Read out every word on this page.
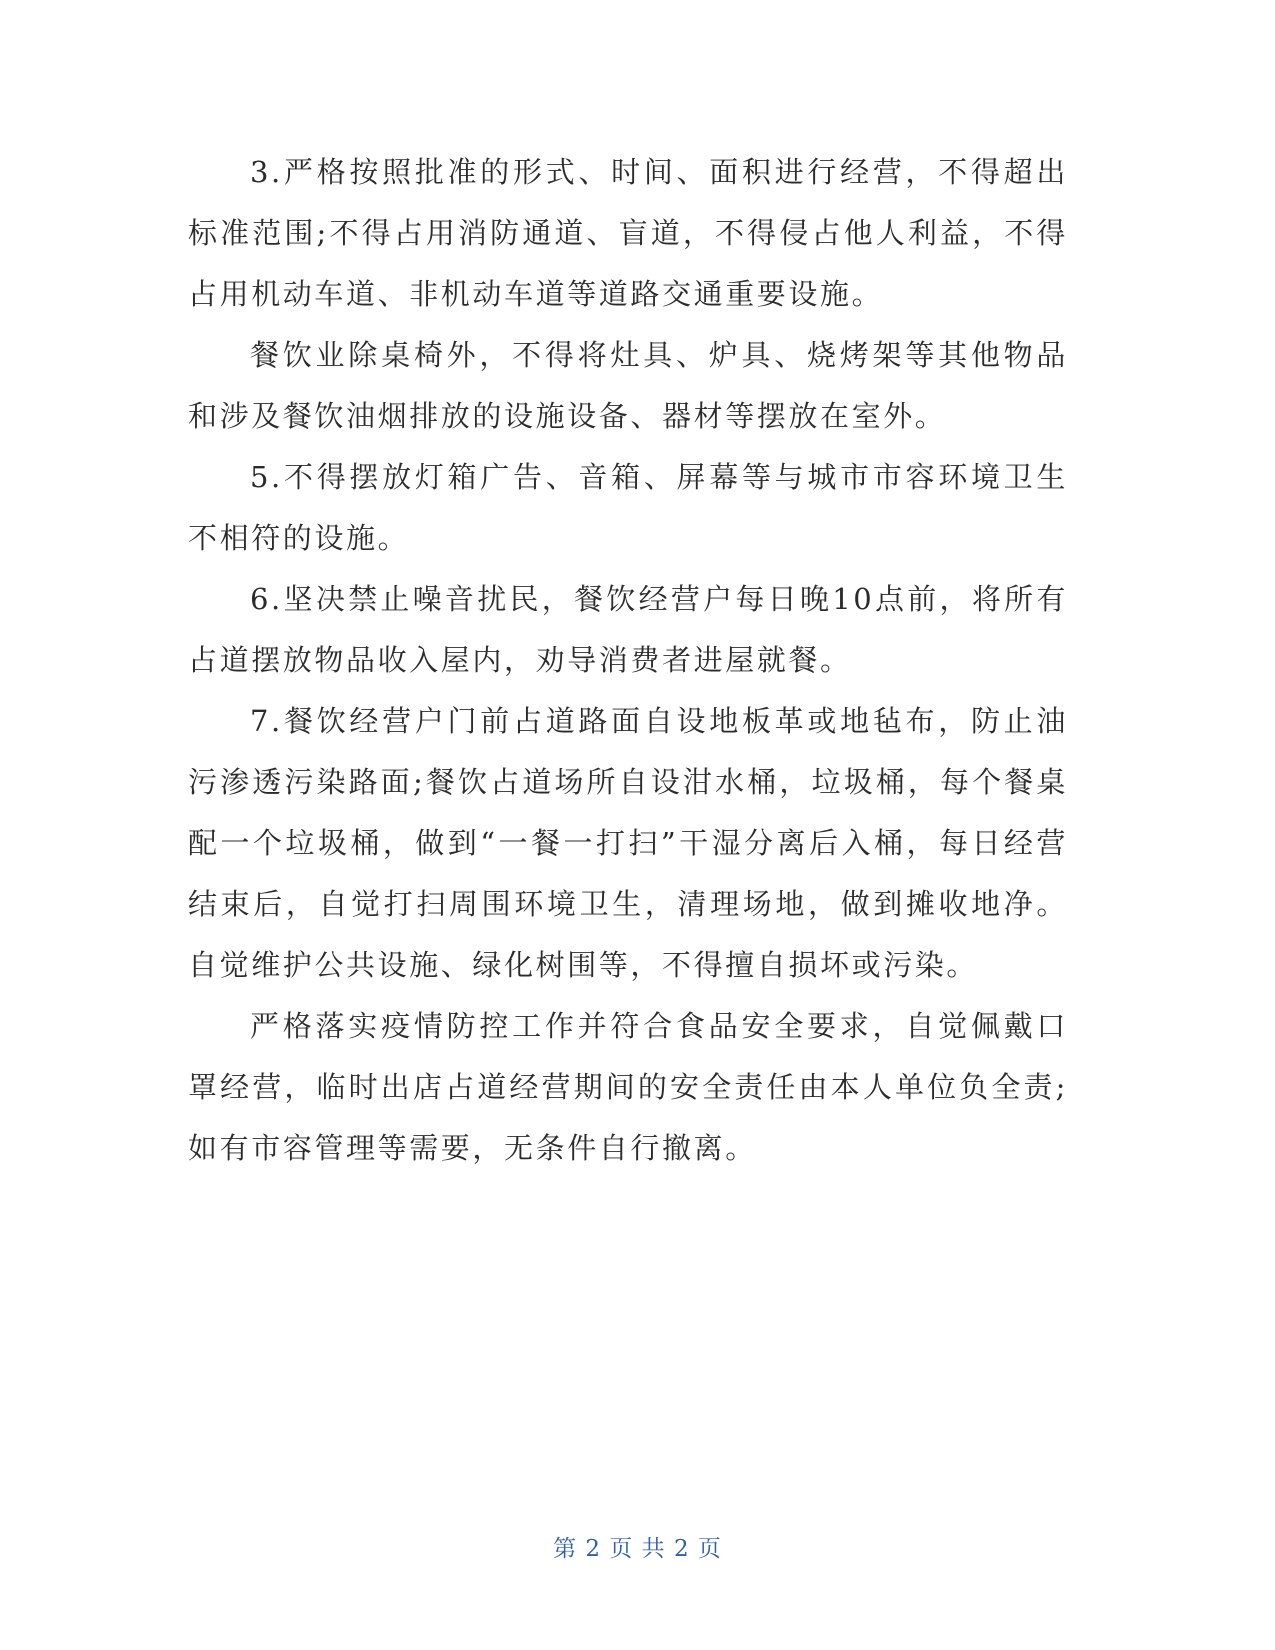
3.严格按照批准的形式、时间、面积进行经营，不得超出标准范围;不得占用消防通道、盲道，不得侵占他人利益，不得占用机动车道、非机动车道等道路交通重要设施。

餐饮业除桌椅外，不得将灶具、炉具、烧烤架等其他物品和涉及餐饮油烟排放的设施设备、器材等摆放在室外。

5.不得摆放灯箱广告、音箱、屏幕等与城市市容环境卫生不相符的设施。

6.坚决禁止噪音扰民，餐饮经营户每日晚10点前，将所有占道摆放物品收入屋内，劝导消费者进屋就餐。

7.餐饮经营户门前占道路面自设地板革或地毡布，防止油污渗透污染路面;餐饮占道场所自设泔水桶，垃圾桶，每个餐桌配一个垃圾桶，做到“一餐一打扫”干湿分离后入桶，每日经营结束后，自觉打扫周围环境卫生，清理场地，做到摊收地净。自觉维护公共设施、绿化树围等，不得擅自损坏或污染。

严格落实疫情防控工作并符合食品安全要求，自觉佩戴口罩经营，临时出店占道经营期间的安全责任由本人单位负全责;如有市容管理等需要，无条件自行撤离。

第 2 页 共 2 页
